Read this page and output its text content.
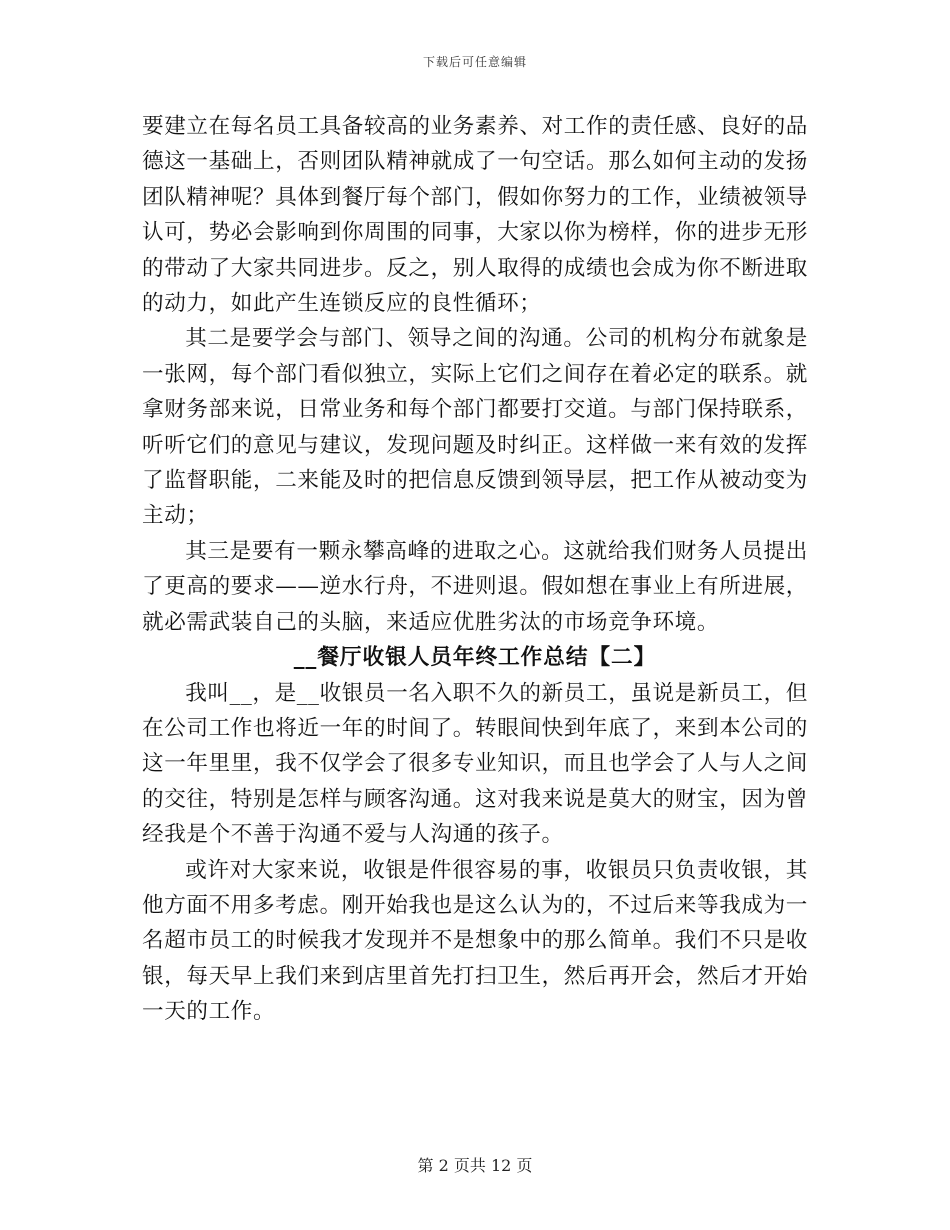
下载后可任意编辑

要建立在每名员工具备较高的业务素养、对工作的责任感、良好的品德这一基础上，否则团队精神就成了一句空话。那么如何主动的发扬团队精神呢？具体到餐厅每个部门，假如你努力的工作，业绩被领导认可，势必会影响到你周围的同事，大家以你为榜样，你的进步无形的带动了大家共同进步。反之，别人取得的成绩也会成为你不断进取的动力，如此产生连锁反应的良性循环；

其二是要学会与部门、领导之间的沟通。公司的机构分布就象是一张网，每个部门看似独立，实际上它们之间存在着必定的联系。就拿财务部来说，日常业务和每个部门都要打交道。与部门保持联系，听听它们的意见与建议，发现问题及时纠正。这样做一来有效的发挥了监督职能，二来能及时的把信息反馈到领导层，把工作从被动变为主动；

其三是要有一颗永攀高峰的进取之心。这就给我们财务人员提出了更高的要求——逆水行舟，不进则退。假如想在事业上有所进展，就必需武装自己的头脑，来适应优胜劣汰的市场竞争环境。

__餐厅收银人员年终工作总结【二】

我叫__，是__收银员一名入职不久的新员工，虽说是新员工，但在公司工作也将近一年的时间了。转眼间快到年底了，来到本公司的这一年里里，我不仅学会了很多专业知识，而且也学会了人与人之间的交往，特别是怎样与顾客沟通。这对我来说是莫大的财宝，因为曾经我是个不善于沟通不爱与人沟通的孩子。

或许对大家来说，收银是件很容易的事，收银员只负责收银，其他方面不用多考虑。刚开始我也是这么认为的，不过后来等我成为一名超市员工的时候我才发现并不是想象中的那么简单。我们不只是收银，每天早上我们来到店里首先打扫卫生，然后再开会，然后才开始一天的工作。

第 2 页共 12 页
